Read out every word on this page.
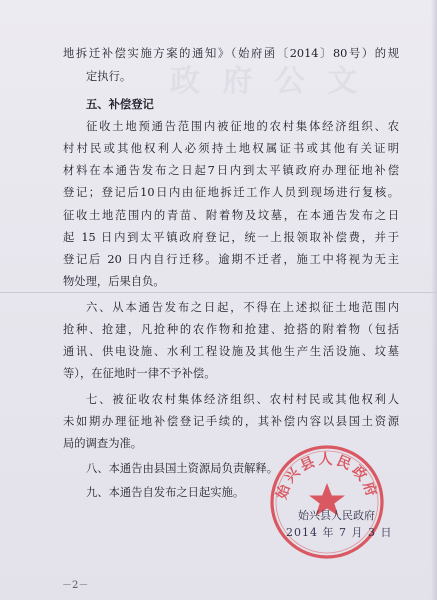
政 府 公 文
地拆迁补偿实施方案的通知》（始府函〔2014〕80号）的规
定执行。
五、补偿登记
征收土地预通告范围内被征地的农村集体经济组织、农
村村民或其他权利人必须持土地权属证书或其他有关证明
材料在本通告发布之日起7日内到太平镇政府办理征地补偿
登记；登记后10日内由征地拆迁工作人员到现场进行复核。
征收土地范围内的青苗、附着物及坟墓，在本通告发布之日
起 15 日内到太平镇政府登记，统一上报领取补偿费，并于
登记后 20 日内自行迁移。逾期不迁者，施工中将视为无主
物处理，后果自负。
六、从本通告发布之日起，不得在上述拟征土地范围内
抢种、抢建，凡抢种的农作物和抢建、抢搭的附着物（包括
通讯、供电设施、水利工程设施及其他生产生活设施、坟墓
等），在征地时一律不予补偿。
七、被征收农村集体经济组织、农村村民或其他权利人
未如期办理征地补偿登记手续的，其补偿内容以县国土资源
局的调查为准。
八、本通告由县国土资源局负责解释。
九、本通告自发布之日起实施。 始兴县人民政府
始兴县人民政府
2014 年 7 月 3 日
－2－
